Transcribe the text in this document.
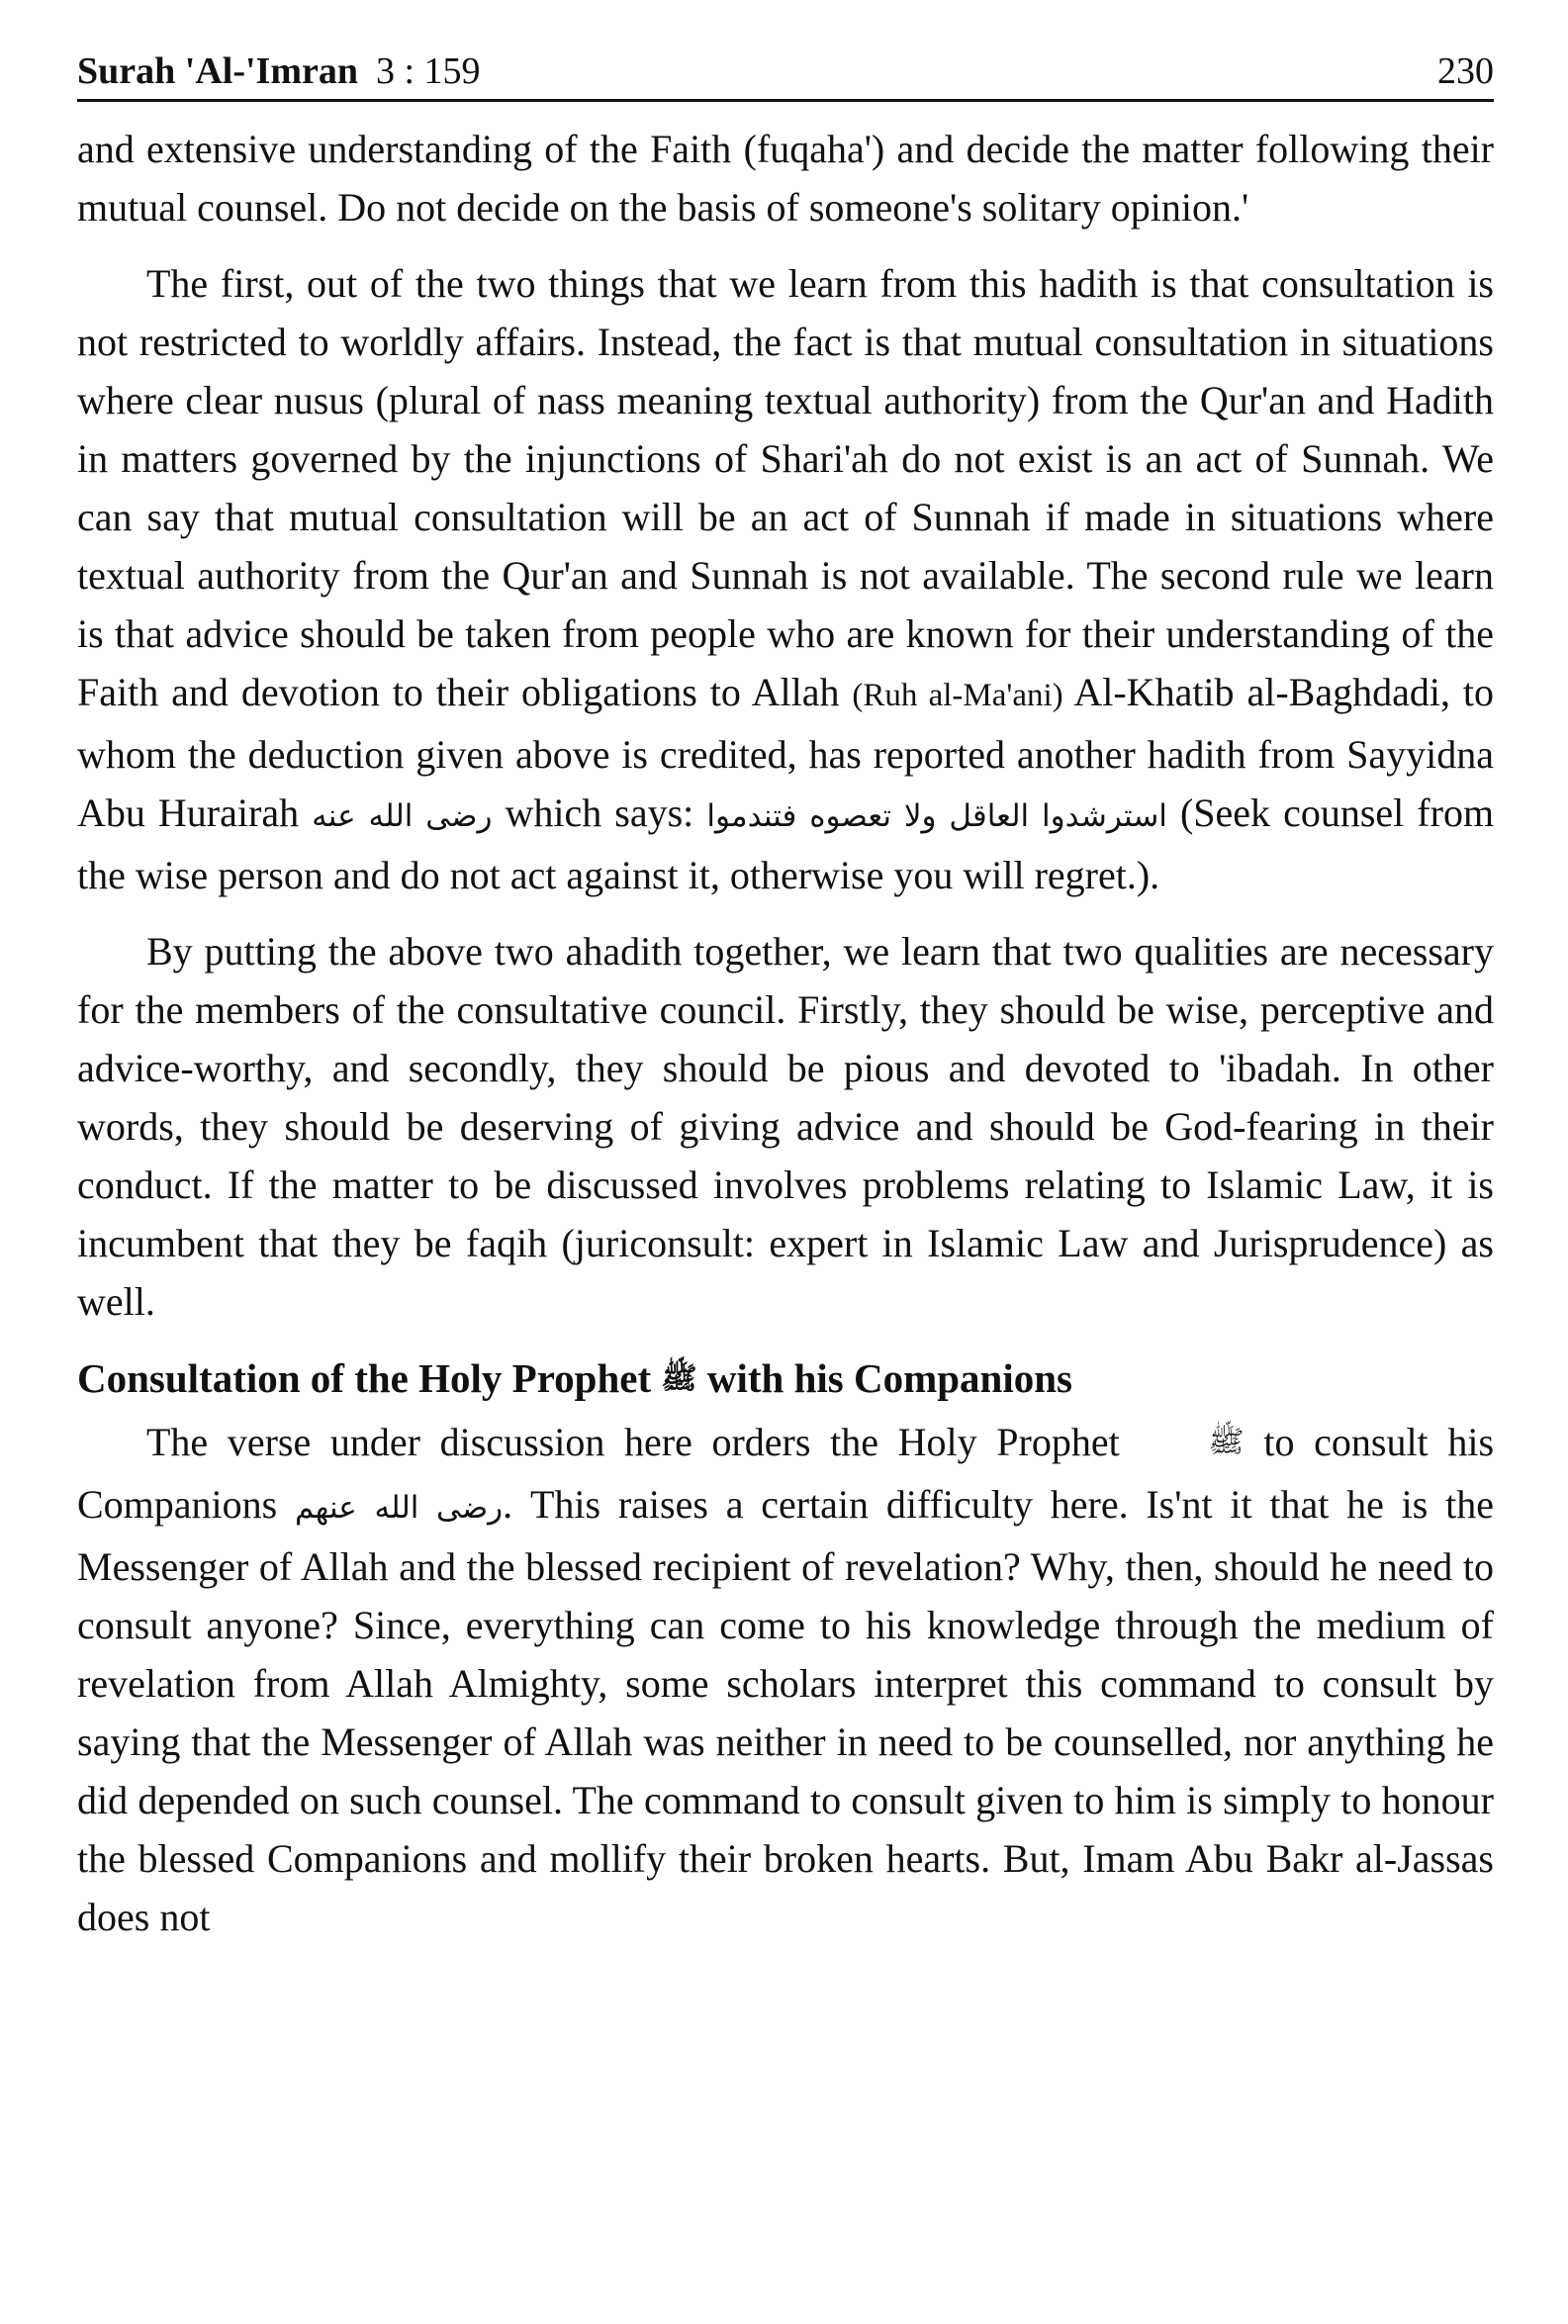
Surah 'Al-'Imran 3 : 159	230

and extensive understanding of the Faith (fuqaha') and decide the matter following their mutual counsel. Do not decide on the basis of someone's solitary opinion.'

The first, out of the two things that we learn from this hadith is that consultation is not restricted to worldly affairs. Instead, the fact is that mutual consultation in situations where clear nusus (plural of nass meaning textual authority) from the Qur'an and Hadith in matters governed by the injunctions of Shari'ah do not exist is an act of Sunnah. We can say that mutual consultation will be an act of Sunnah if made in situations where textual authority from the Qur'an and Sunnah is not available. The second rule we learn is that advice should be taken from people who are known for their understanding of the Faith and devotion to their obligations to Allah (Ruh al-Ma'ani) Al-Khatib al-Baghdadi, to whom the deduction given above is credited, has reported another hadith from Sayyidna Abu Hurairah رضى الله عنه which says: استرشدوا العاقل ولا تعصوه فتندموا (Seek counsel from the wise person and do not act against it, otherwise you will regret.).

By putting the above two ahadith together, we learn that two qualities are necessary for the members of the consultative council. Firstly, they should be wise, perceptive and advice-worthy, and secondly, they should be pious and devoted to 'ibadah. In other words, they should be deserving of giving advice and should be God-fearing in their conduct. If the matter to be discussed involves problems relating to Islamic Law, it is incumbent that they be faqih (juriconsult: expert in Islamic Law and Jurisprudence) as well.

Consultation of the Holy Prophet ﷺ with his Companions

The verse under discussion here orders the Holy Prophet	ﷺ to consult his Companions رضى الله عنهم. This raises a certain difficulty here. Is'nt it that he is the Messenger of Allah and the blessed recipient of revelation? Why, then, should he need to consult anyone? Since, everything can come to his knowledge through the medium of revelation from Allah Almighty, some scholars interpret this command to consult by saying that the Messenger of Allah was neither in need to be counselled, nor anything he did depended on such counsel. The command to consult given to him is simply to honour the blessed Companions and mollify their broken hearts. But, Imam Abu Bakr al-Jassas does not
